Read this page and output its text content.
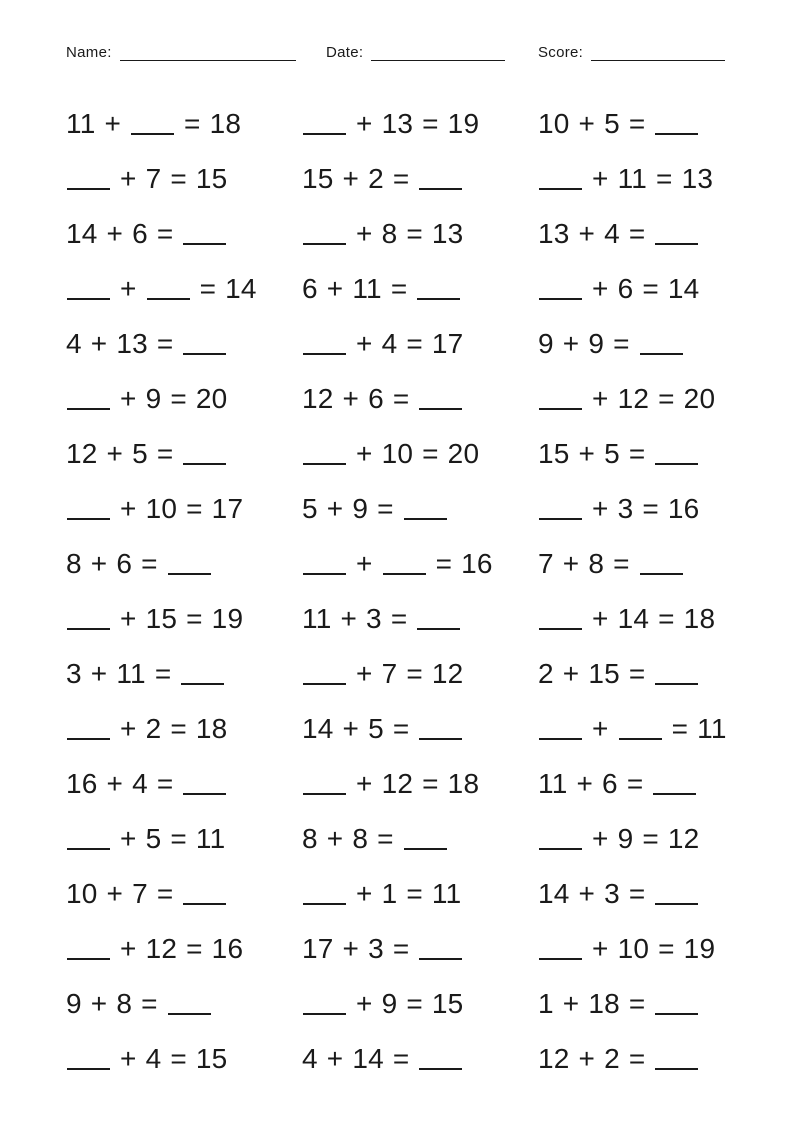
Name:	Date:	Score:
11 + = 18
+ 7 = 15
14 + 6 =
+ = 14
4 + 13 =
+ 9 = 20
12 + 5 =
+ 10 = 17
8 + 6 =
+ 15 = 19
3 + 11 =
+ 2 = 18
16 + 4 =
+ 5 = 11
10 + 7 =
+ 12 = 16
9 + 8 =
+ 4 = 15
+ 13 = 19
15 + 2 =
+ 8 = 13
6 + 11 =
+ 4 = 17
12 + 6 =
+ 10 = 20
5 + 9 =
+ = 16
11 + 3 =
+ 7 = 12
14 + 5 =
+ 12 = 18
8 + 8 =
+ 1 = 11
17 + 3 =
+ 9 = 15
4 + 14 =
10 + 5 =
+ 11 = 13
13 + 4 =
+ 6 = 14
9 + 9 =
+ 12 = 20
15 + 5 =
+ 3 = 16
7 + 8 =
+ 14 = 18
2 + 15 =
+ = 11
11 + 6 =
+ 9 = 12
14 + 3 =
+ 10 = 19
1 + 18 =
12 + 2 =
